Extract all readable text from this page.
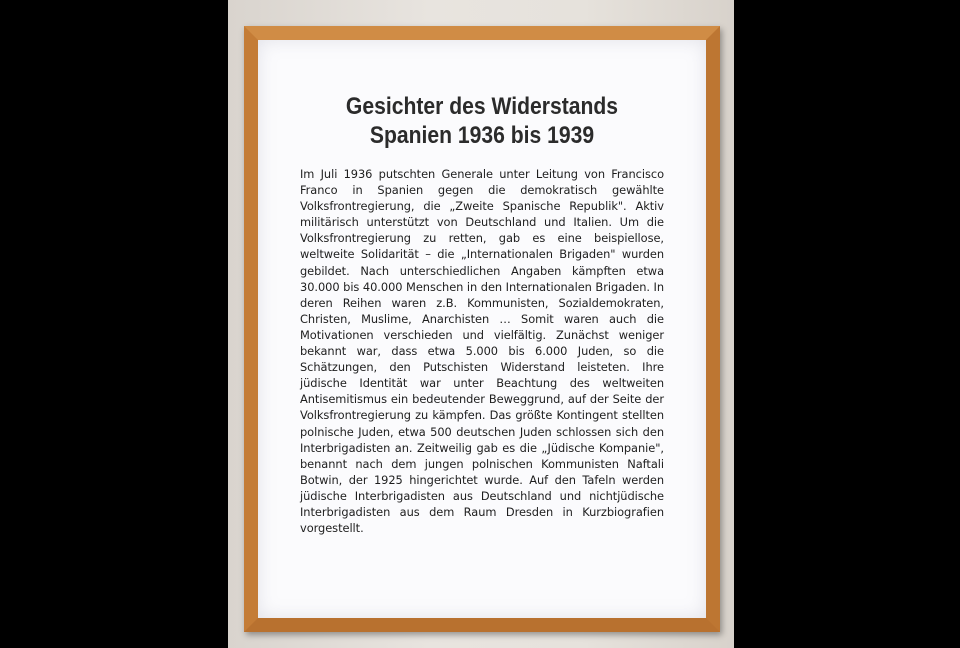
Gesichter des Widerstands
Spanien 1936 bis 1939
Im Juli 1936 putschten Generale unter Leitung von Francisco Franco in Spanien gegen die demokratisch gewählte Volksfrontregierung, die „Zweite Spanische Republik". Aktiv militärisch unterstützt von Deutschland und Italien. Um die Volksfrontregierung zu retten, gab es eine beispiellose, weltweite Solidarität – die „Internationalen Brigaden" wurden gebildet. Nach unterschiedlichen Angaben kämpften etwa 30.000 bis 40.000 Menschen in den Internationalen Brigaden. In deren Reihen waren z.B. Kommunisten, Sozialdemokraten, Christen, Muslime, Anarchisten … Somit waren auch die Motivationen verschieden und vielfältig. Zunächst weniger bekannt war, dass etwa 5.000 bis 6.000 Juden, so die Schätzungen, den Putschisten Widerstand leisteten. Ihre jüdische Identität war unter Beachtung des weltweiten Antisemitismus ein bedeutender Beweggrund, auf der Seite der Volksfrontregierung zu kämpfen. Das größte Kontingent stellten polnische Juden, etwa 500 deutschen Juden schlossen sich den Interbrigadisten an. Zeitweilig gab es die „Jüdische Kompanie", benannt nach dem jungen polnischen Kommunisten Naftali Botwin, der 1925 hingerichtet wurde. Auf den Tafeln werden jüdische Interbrigadisten aus Deutschland und nichtjüdische Interbrigadisten aus dem Raum Dresden in Kurzbiografien vorgestellt.
